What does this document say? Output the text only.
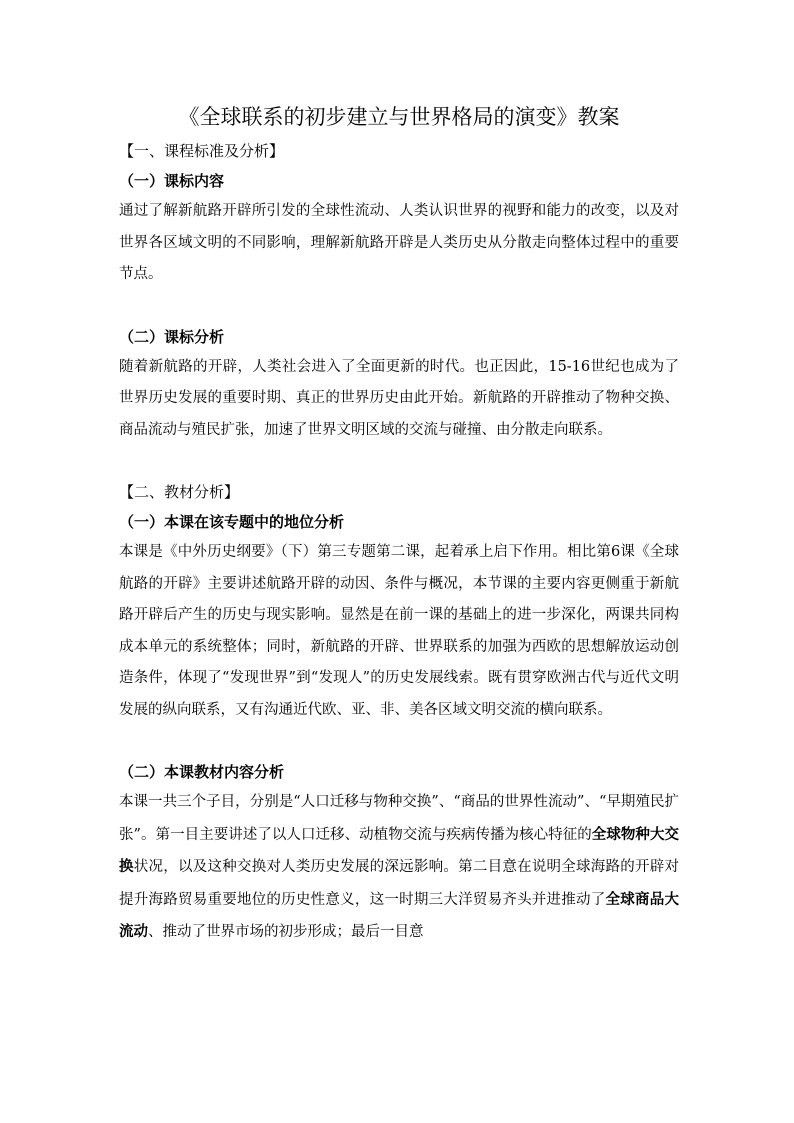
《全球联系的初步建立与世界格局的演变》教案
【一、课程标准及分析】
（一）课标内容

通过了解新航路开辟所引发的全球性流动、人类认识世界的视野和能力的改变，以及对世界各区域文明的不同影响，理解新航路开辟是人类历史从分散走向整体过程中的重要节点。

（二）课标分析

随着新航路的开辟，人类社会进入了全面更新的时代。也正因此，15-16世纪也成为了世界历史发展的重要时期、真正的世界历史由此开始。新航路的开辟推动了物种交换、商品流动与殖民扩张，加速了世界文明区域的交流与碰撞、由分散走向联系。

【二、教材分析】
（一）本课在该专题中的地位分析

本课是《中外历史纲要》（下）第三专题第二课，起着承上启下作用。相比第6课《全球航路的开辟》主要讲述航路开辟的动因、条件与概况，本节课的主要内容更侧重于新航路开辟后产生的历史与现实影响。显然是在前一课的基础上的进一步深化，两课共同构成本单元的系统整体；同时，新航路的开辟、世界联系的加强为西欧的思想解放运动创造条件，体现了“发现世界”到“发现人”的历史发展线索。既有贯穿欧洲古代与近代文明发展的纵向联系，又有沟通近代欧、亚、非、美各区域文明交流的横向联系。

（二）本课教材内容分析

本课一共三个子目，分别是“人口迁移与物种交换”、“商品的世界性流动”、“早期殖民扩张”。第一目主要讲述了以人口迁移、动植物交流与疾病传播为核心特征的全球物种大交换状况，以及这种交换对人类历史发展的深远影响。第二目意在说明全球海路的开辟对提升海路贸易重要地位的历史性意义，这一时期三大洋贸易齐头并进推动了全球商品大流动、推动了世界市场的初步形成；最后一目意
